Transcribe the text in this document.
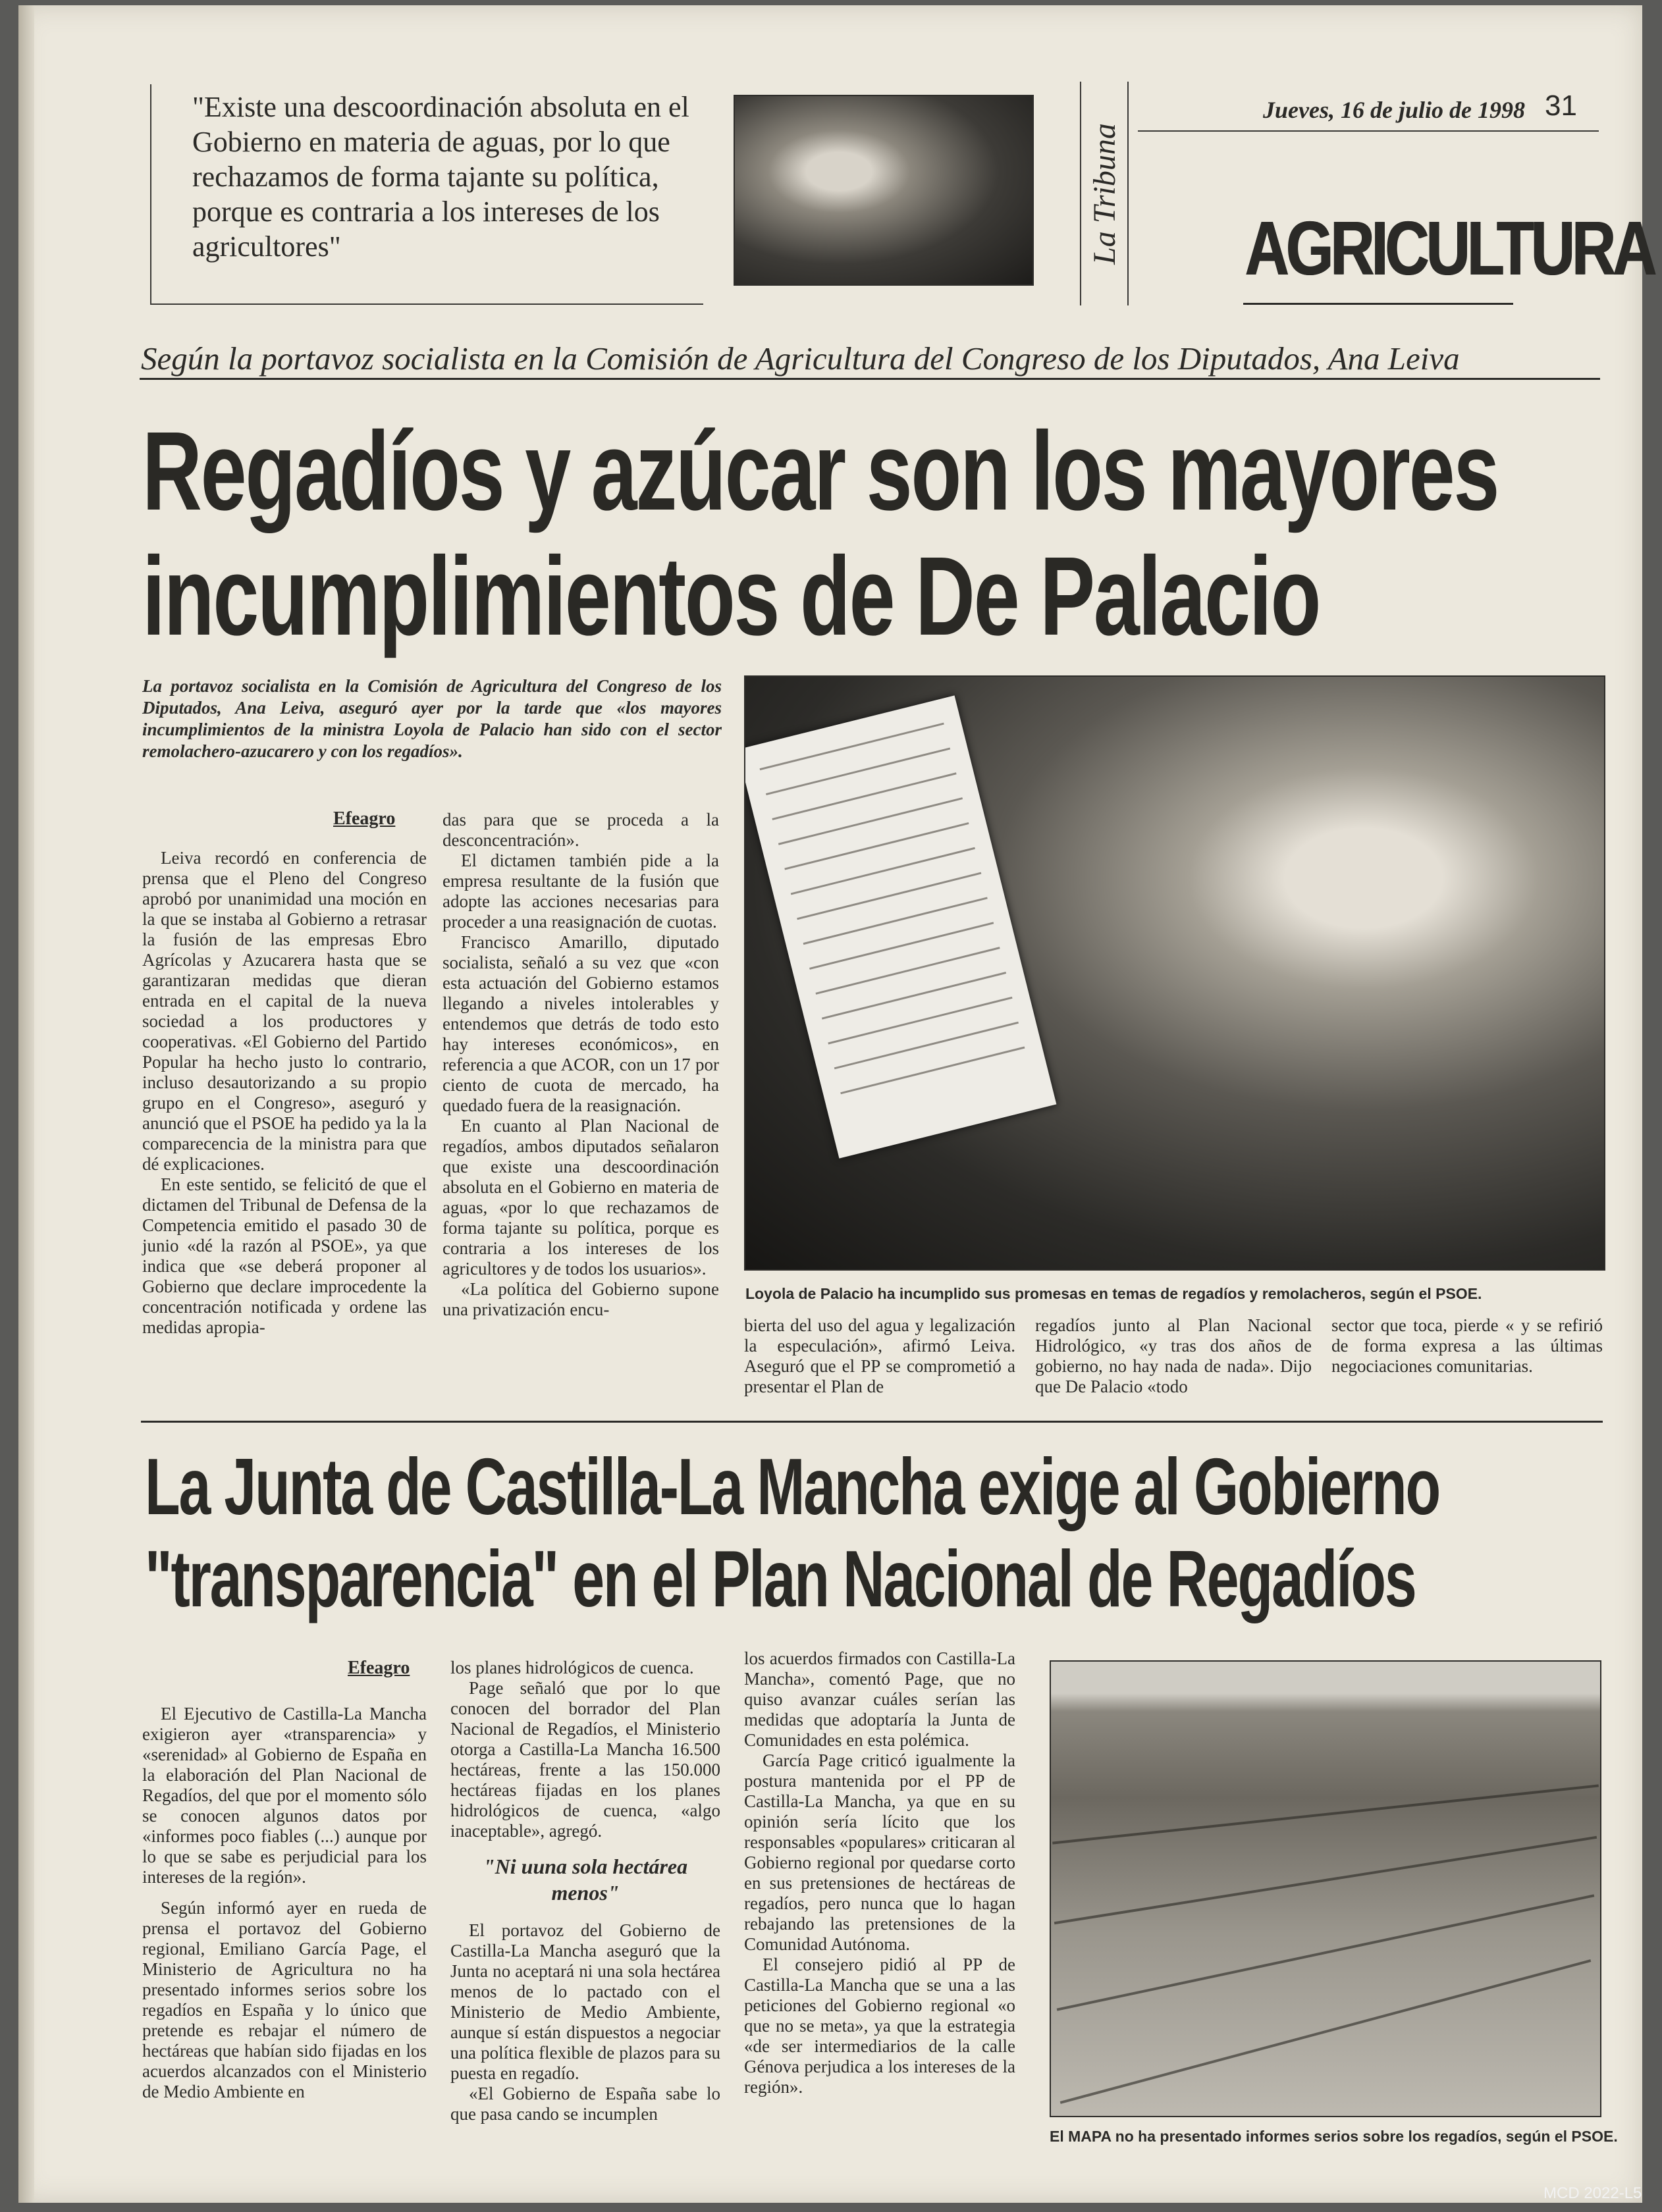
"Existe una descoordinación absoluta en el Gobierno en materia de aguas, por lo que rechazamos de forma tajante su política, porque es contraria a los intereses de los agricultores"	La Tribuna
Jueves, 16 de julio de 1998 31
AGRICULTURA
Según la portavoz socialista en la Comisión de Agricultura del Congreso de los Diputados, Ana Leiva
Regadíos y azúcar son los mayores
incumplimientos de De Palacio
La portavoz socialista en la Comisión de Agricultura del Congreso de los Diputados, Ana Leiva, aseguró ayer por la tarde que «los mayores incumplimientos de la ministra Loyola de Palacio han sido con el sector remolachero-azucarero y con los regadíos».
Efeagro

Leiva recordó en conferencia de prensa que el Pleno del Congreso aprobó por unanimidad una moción en la que se instaba al Gobierno a retrasar la fusión de las empresas Ebro Agrícolas y Azucarera hasta que se garantizaran medidas que dieran entrada en el capital de la nueva sociedad a los productores y cooperativas. «El Gobierno del Partido Popular ha hecho justo lo contrario, incluso desautorizando a su propio grupo en el Congreso», aseguró y anunció que el PSOE ha pedido ya la la comparecencia de la ministra para que dé explicaciones.

En este sentido, se felicitó de que el dictamen del Tribunal de Defensa de la Competencia emitido el pasado 30 de junio «dé la razón al PSOE», ya que indica que «se deberá proponer al Gobierno que declare improcedente la concentración notificada y ordene las medidas apropia-

das para que se proceda a la desconcentración».

El dictamen también pide a la empresa resultante de la fusión que adopte las acciones necesarias para proceder a una reasignación de cuotas.

Francisco Amarillo, diputado socialista, señaló a su vez que «con esta actuación del Gobierno estamos llegando a niveles intolerables y entendemos que detrás de todo esto hay intereses económicos», en referencia a que ACOR, con un 17 por ciento de cuota de mercado, ha quedado fuera de la reasignación.

En cuanto al Plan Nacional de regadíos, ambos diputados señalaron que existe una descoordinación absoluta en el Gobierno en materia de aguas, «por lo que rechazamos de forma tajante su política, porque es contraria a los intereses de los agricultores y de todos los usuarios».

«La política del Gobierno supone una privatización encu-

Loyola de Palacio ha incumplido sus promesas en temas de regadíos y remolacheros, según el PSOE.
bierta del uso del agua y legalización la especulación», afirmó Leiva. Aseguró que el PP se comprometió a presentar el Plan de
regadíos junto al Plan Nacional Hidrológico, «y tras dos años de gobierno, no hay nada de nada». Dijo que De Palacio «todo
sector que toca, pierde « y se refirió de forma expresa a las últimas negociaciones comunitarias.
La Junta de Castilla-La Mancha exige al Gobierno
"transparencia" en el Plan Nacional de Regadíos
Efeagro

El Ejecutivo de Castilla-La Mancha exigieron ayer «transparencia» y «serenidad» al Gobierno de España en la elaboración del Plan Nacional de Regadíos, del que por el momento sólo se conocen algunos datos por «informes poco fiables (...) aunque por lo que se sabe es perjudicial para los intereses de la región».

Según informó ayer en rueda de prensa el portavoz del Gobierno regional, Emiliano García Page, el Ministerio de Agricultura no ha presentado informes serios sobre los regadíos en España y lo único que pretende es rebajar el número de hectáreas que habían sido fijadas en los acuerdos alcanzados con el Ministerio de Medio Ambiente en

los planes hidrológicos de cuenca.

Page señaló que por lo que conocen del borrador del Plan Nacional de Regadíos, el Ministerio otorga a Castilla-La Mancha 16.500 hectáreas, frente a las 150.000 hectáreas fijadas en los planes hidrológicos de cuenca, «algo inaceptable», agregó.

"Ni uuna sola hectárea menos"

El portavoz del Gobierno de Castilla-La Mancha aseguró que la Junta no aceptará ni una sola hectárea menos de lo pactado con el Ministerio de Medio Ambiente, aunque sí están dispuestos a negociar una política flexible de plazos para su puesta en regadío.

«El Gobierno de España sabe lo que pasa cando se incumplen

los acuerdos firmados con Castilla-La Mancha», comentó Page, que no quiso avanzar cuáles serían las medidas que adoptaría la Junta de Comunidades en esta polémica.

García Page criticó igualmente la postura mantenida por el PP de Castilla-La Mancha, ya que en su opinión sería lícito que los responsables «populares» criticaran al Gobierno regional por quedarse corto en sus pretensiones de hectáreas de regadíos, pero nunca que lo hagan rebajando las pretensiones de la Comunidad Autónoma.

El consejero pidió al PP de Castilla-La Mancha que se una a las peticiones del Gobierno regional «o que no se meta», ya que la estrategia «de ser intermediarios de la calle Génova perjudica a los intereses de la región».

El MAPA no ha presentado informes serios sobre los regadíos, según el PSOE.
MCD 2022-L5
